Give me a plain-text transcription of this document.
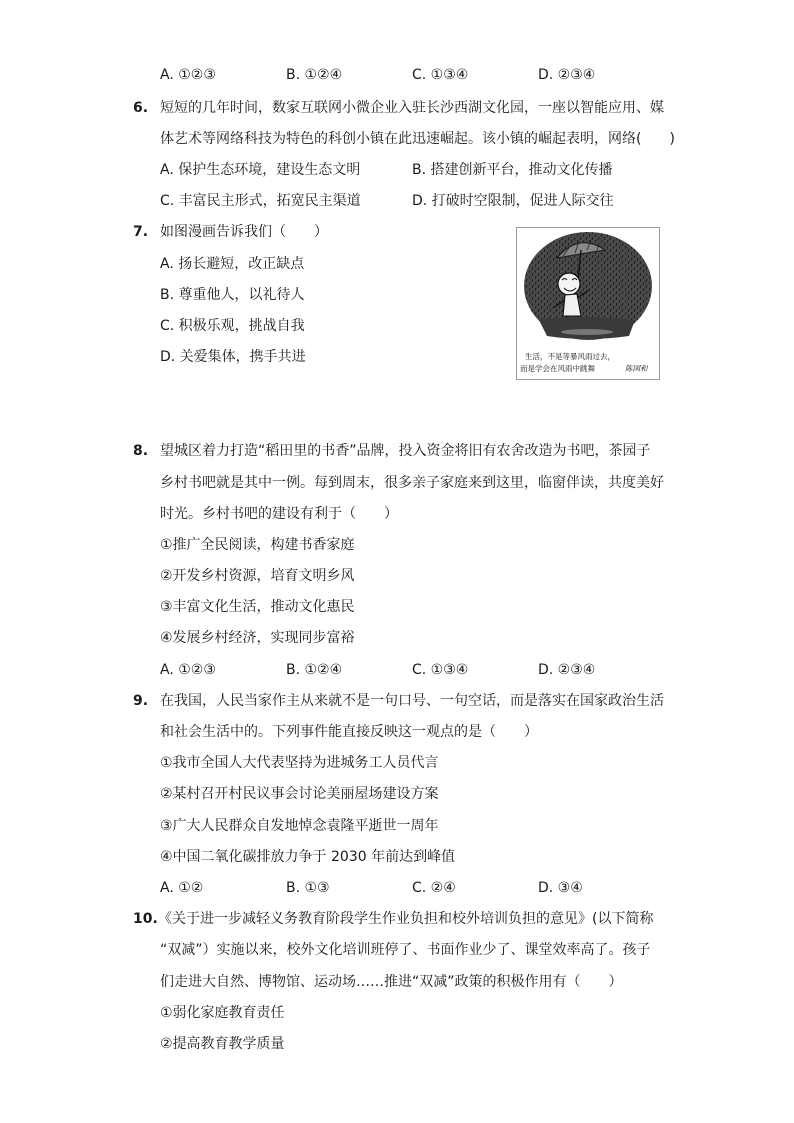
A. ①②③	B. ①②④	C. ①③④	D. ②③④
6. 短短的几年时间，数家互联网小微企业入驻长沙西湖文化园，一座以智能应用、媒
体艺术等网络科技为特色的科创小镇在此迅速崛起。该小镇的崛起表明，网络(　　)
A. 保护生态环境，建设生态文明	B. 搭建创新平台，推动文化传播
C. 丰富民主形式，拓宽民主渠道	D. 打破时空限制，促进人际交往
7. 如图漫画告诉我们（　　）
A. 扬长避短，改正缺点
B. 尊重他人，以礼待人
C. 积极乐观，挑战自我
D. 关爱集体，携手共进	生活，不是等暴风雨过去，
而是学会在风雨中跳舞	陈国和
8. 望城区着力打造“稻田里的书香”品牌，投入资金将旧有农舍改造为书吧，茶园子
乡村书吧就是其中一例。每到周末，很多亲子家庭来到这里，临窗伴读，共度美好
时光。乡村书吧的建设有利于（　　）
①推广全民阅读，构建书香家庭
②开发乡村资源，培育文明乡风
③丰富文化生活，推动文化惠民
④发展乡村经济，实现同步富裕
A. ①②③	B. ①②④	C. ①③④	D. ②③④
9. 在我国，人民当家作主从来就不是一句口号、一句空话，而是落实在国家政治生活
和社会生活中的。下列事件能直接反映这一观点的是（　　）
①我市全国人大代表坚持为进城务工人员代言
②某村召开村民议事会讨论美丽屋场建设方案
③广大人民群众自发地悼念袁隆平逝世一周年
④中国二氧化碳排放力争于 2030 年前达到峰值
A. ①②	B. ①③	C. ②④	D. ③④
10. 《关于进一步减轻义务教育阶段学生作业负担和校外培训负担的意见》(以下简称
“双减”）实施以来，校外文化培训班停了、书面作业少了、课堂效率高了。孩子
们走进大自然、博物馆、运动场……推进“双减”政策的积极作用有（　　）
①弱化家庭教育责任
②提高教育教学质量
